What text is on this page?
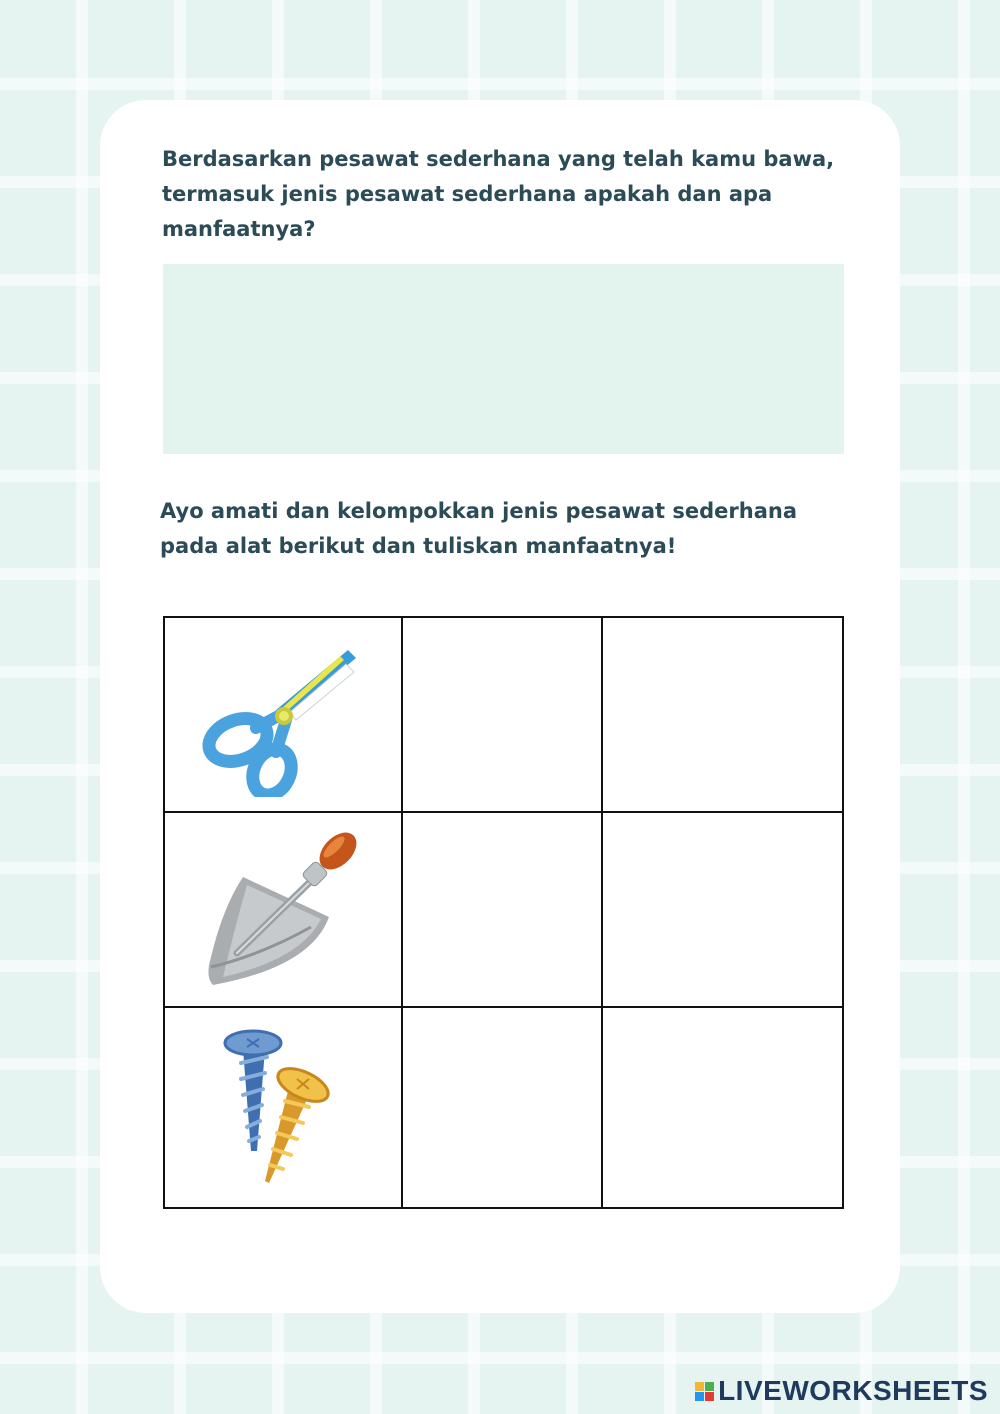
Berdasarkan pesawat sederhana yang telah kamu bawa, termasuk jenis pesawat sederhana apakah dan apa manfaatnya?

Ayo amati dan kelompokkan jenis pesawat sederhana pada alat berikut dan tuliskan manfaatnya!

LIVEWORKSHEETS
